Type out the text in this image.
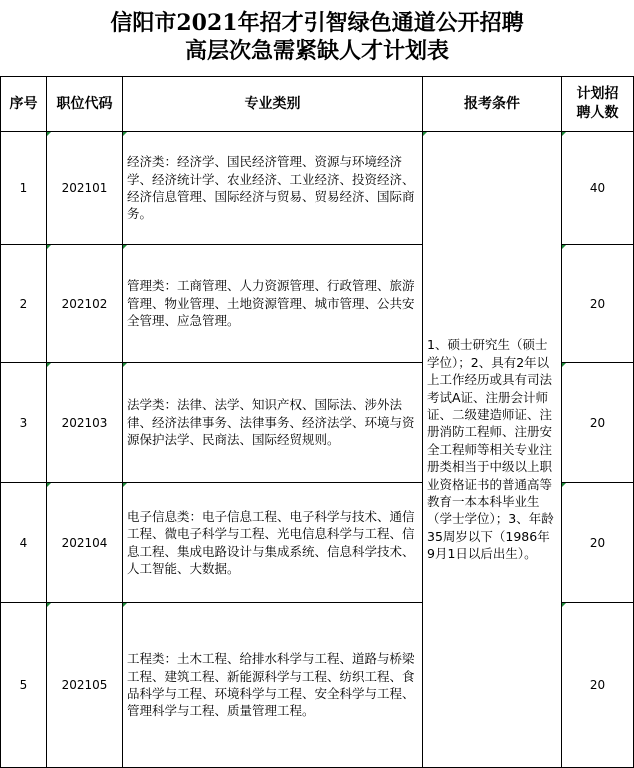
信阳市2021年招才引智绿色通道公开招聘
高层次急需紧缺人才计划表
序号	职位代码	专业类别	报考条件	计划招
聘人数

1	202101	经济类：经济学、国民经济管理、资源与环境经济学、经济统计学、农业经济、工业经济、投资经济、经济信息管理、国际经济与贸易、贸易经济、国际商务。	1、硕士研究生（硕士学位）；2、具有2年以上工作经历或具有司法考试A证、注册会计师证、二级建造师证、注册消防工程师、注册安全工程师等相关专业注册类相当于中级以上职业资格证书的普通高等教育一本本科毕业生（学士学位）；3、年龄35周岁以下（1986年9月1日以后出生）。	40
2	202102	管理类：工商管理、人力资源管理、行政管理、旅游管理、物业管理、土地资源管理、城市管理、公共安全管理、应急管理。		20
3	202103	法学类：法律、法学、知识产权、国际法、涉外法律、经济法律事务、法律事务、经济法学、环境与资源保护法学、民商法、国际经贸规则。		20
4	202104	电子信息类：电子信息工程、电子科学与技术、通信工程、微电子科学与工程、光电信息科学与工程、信息工程、集成电路设计与集成系统、信息科学技术、人工智能、大数据。		20
5	202105	工程类：土木工程、给排水科学与工程、道路与桥梁工程、建筑工程、新能源科学与工程、纺织工程、食品科学与工程、环境科学与工程、安全科学与工程、管理科学与工程、质量管理工程。		20
